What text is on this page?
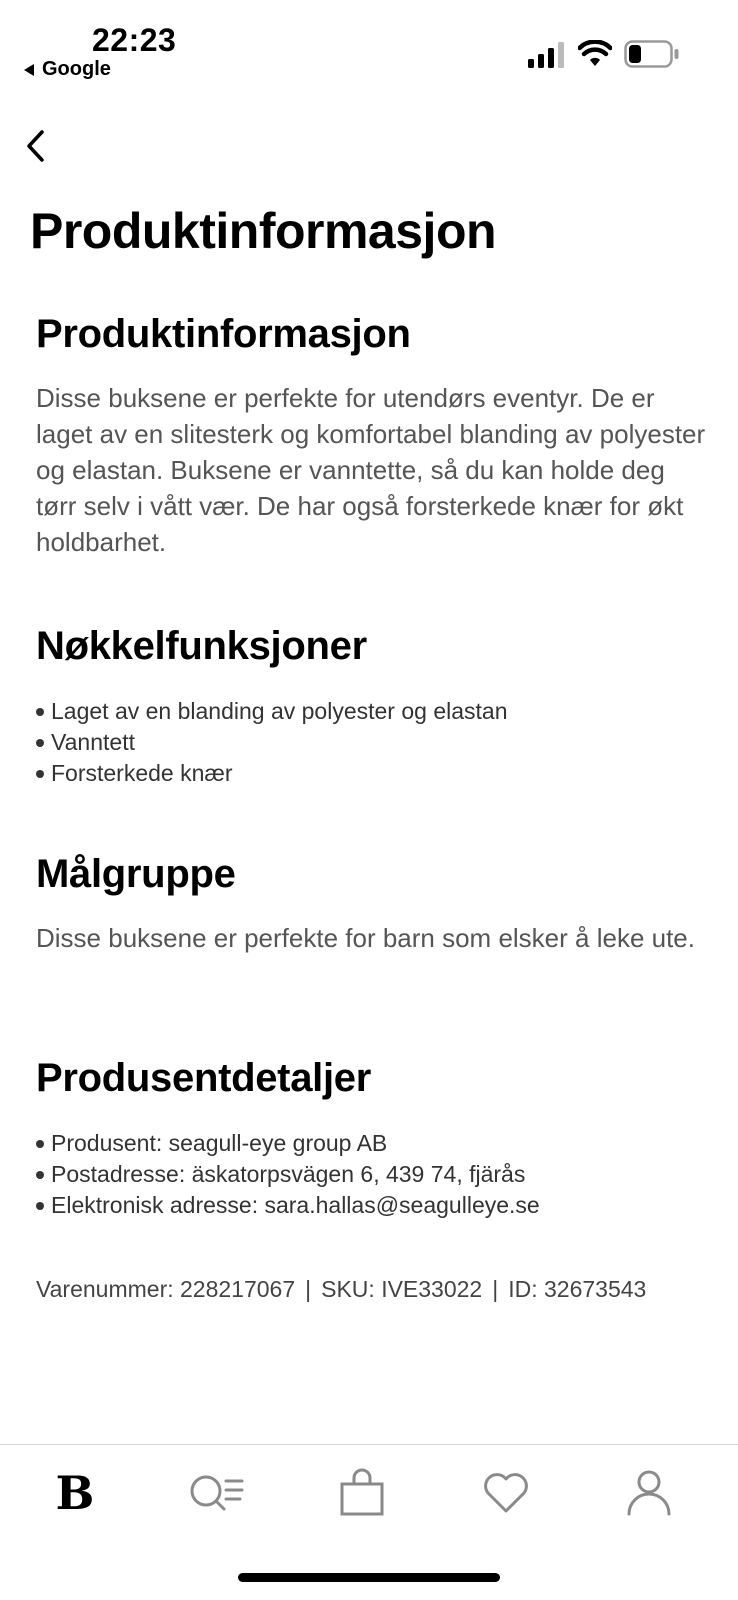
22:23
Google
Produktinformasjon
Produktinformasjon

Disse buksene er perfekte for utendørs eventyr. De er laget av en slitesterk og komfortabel blanding av polyester og elastan. Buksene er vanntette, så du kan holde deg tørr selv i vått vær. De har også forsterkede knær for økt holdbarhet.

Nøkkelfunksjoner
Laget av en blanding av polyester og elastan
Vanntett
Forsterkede knær
Målgruppe

Disse buksene er perfekte for barn som elsker å leke ute.

Produsentdetaljer
Produsent: seagull-eye group AB
Postadresse: äskatorpsvägen 6, 439 74, fjärås
Elektronisk adresse: sara.hallas@seagulleye.se
Varenummer: 228217067 | SKU: IVE33022 | ID: 32673543
B
